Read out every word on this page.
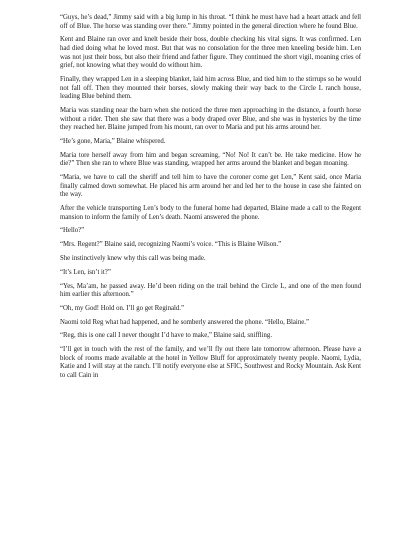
“Guys, he’s dead,” Jimmy said with a big lump in his throat. “I think he must have had a heart attack and fell off of Blue. The horse was standing over there.” Jimmy pointed in the general direction where he found Blue.

Kent and Blaine ran over and knelt beside their boss, double checking his vital signs. It was confirmed. Len had died doing what he loved most. But that was no consolation for the three men kneeling beside him. Len was not just their boss, but also their friend and father figure. They continued the short vigil, moaning cries of grief, not knowing what they would do without him.

Finally, they wrapped Len in a sleeping blanket, laid him across Blue, and tied him to the stirrups so he would not fall off. Then they mounted their horses, slowly making their way back to the Circle L ranch house, leading Blue behind them.

Maria was standing near the barn when she noticed the three men approaching in the distance, a fourth horse without a rider. Then she saw that there was a body draped over Blue, and she was in hysterics by the time they reached her. Blaine jumped from his mount, ran over to Maria and put his arms around her.

“He’s gone, Maria,” Blaine whispered.

Maria tore herself away from him and began screaming, “No! No! It can’t be. He take medicine. How he die?” Then she ran to where Blue was standing, wrapped her arms around the blanket and began moaning.

“Maria, we have to call the sheriff and tell him to have the coroner come get Len,” Kent said, once Maria finally calmed down somewhat. He placed his arm around her and led her to the house in case she fainted on the way.

After the vehicle transporting Len’s body to the funeral home had departed, Blaine made a call to the Regent mansion to inform the family of Len’s death. Naomi answered the phone.

“Hello?”

“Mrs. Regent?” Blaine said, recognizing Naomi’s voice. “This is Blaine Wilson.”

She instinctively knew why this call was being made.

“It’s Len, isn’t it?”

“Yes, Ma’am, he passed away. He’d been riding on the trail behind the Circle L, and one of the men found him earlier this afternoon.”

“Oh, my God! Hold on. I’ll go get Reginald.”

Naomi told Reg what had happened, and he somberly answered the phone. “Hello, Blaine.”

“Reg, this is one call I never thought I’d have to make,” Blaine said, sniffling.

“I’ll get in touch with the rest of the family, and we’ll fly out there late tomorrow afternoon. Please have a block of rooms made available at the hotel in Yellow Bluff for approximately twenty people. Naomi, Lydia, Katie and I will stay at the ranch. I’ll notify everyone else at SFIC, Southwest and Rocky Mountain. Ask Kent to call Cain in
